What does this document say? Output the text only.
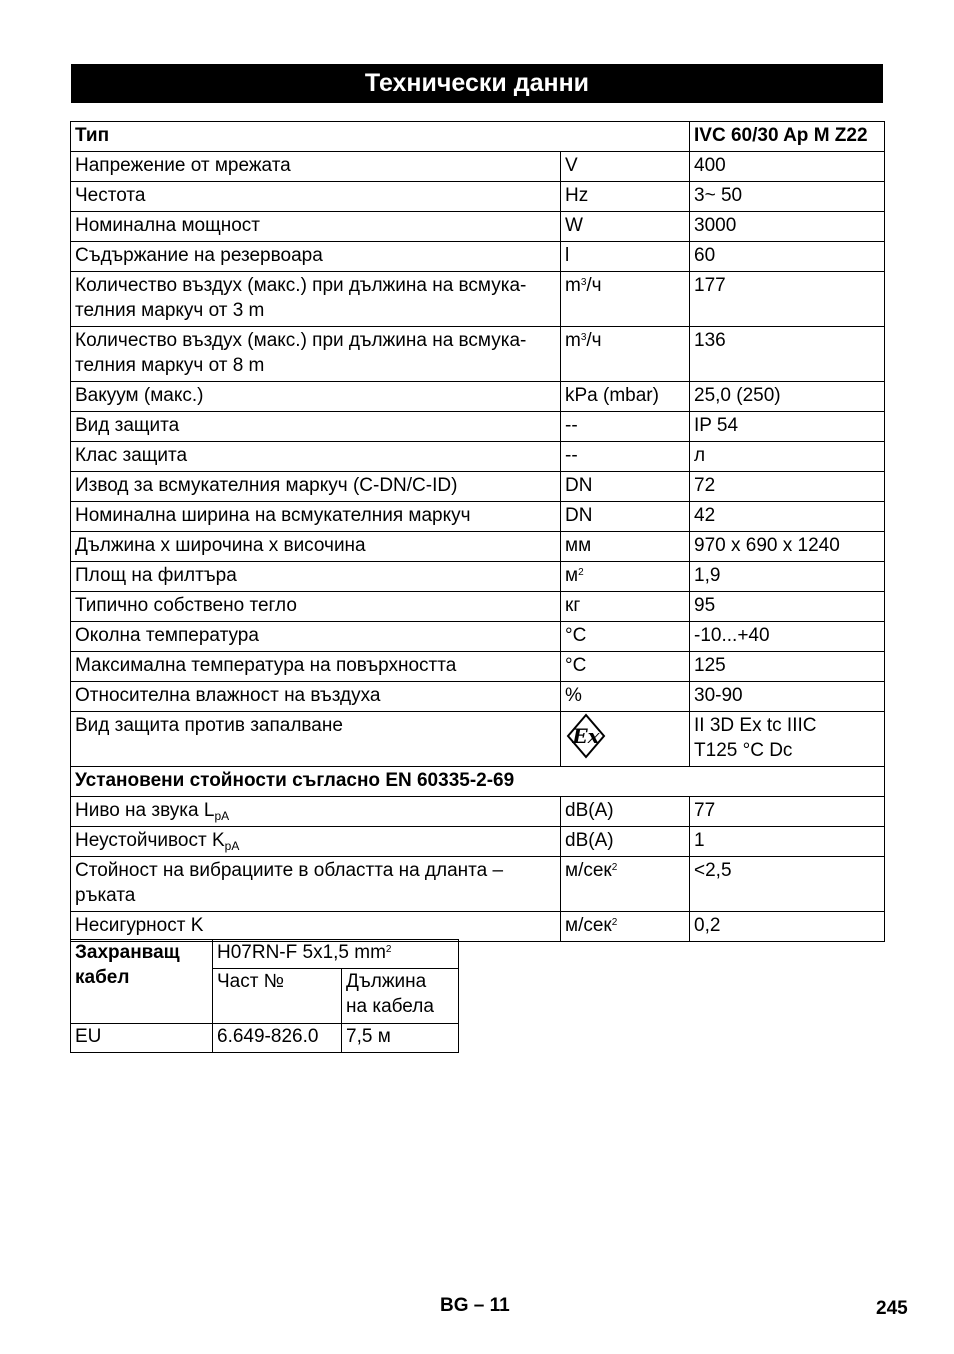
Технически данни
Тип		IVC 60/30 Ap M Z22
Напрежение от мрежата	V	400
Честота	Hz	3~ 50
Номинална мощност	W	3000
Съдържание на резервоара	l	60
Количество въздух (макс.) при дължина на всмука-
телния маркуч от 3 m	$m^3/ч$	177
Количество въздух (макс.) при дължина на всмука-
телния маркуч от 8 m	$m^3/ч$	136
Вакуум (макс.)	kPa (mbar)	25,0 (250)
Вид защита	--	IP 54
Клас защита	--	л
Извод за всмукателния маркуч (C-DN/C-ID)	DN	72
Номинална ширина на всмукателния маркуч	DN	42
Дължина х широчина х височина	мм	970 x 690 x 1240
Площ на филтъра	$м^2$	1,9
Типично собствено тегло	кг	95
Околна температура	°C	-10...+40
Максимална температура на повърхността	°C	125
Относителна влажност на въздуха	%	30-90
Вид защита против запалване	Ex	II 3D Ex tc IIIC
T125 °C Dc
Установени стойности съгласно EN 60335-2-69		
Ниво на звука $L_{pA}$	dB(A)	77
Неустойчивост $K_{pA}$	dB(A)	1
Стойност на вибрациите в областта на дланта –
ръката	м/сек$^2$	<2,5
Несигурност K	м/сек$^2$	0,2
Захранващ
кабел	H07RN-F 5x1,5 $mm^2$
	Част №	Дължина
на кабела
EU	6.649-826.0	7,5 м
BG – 11	245
